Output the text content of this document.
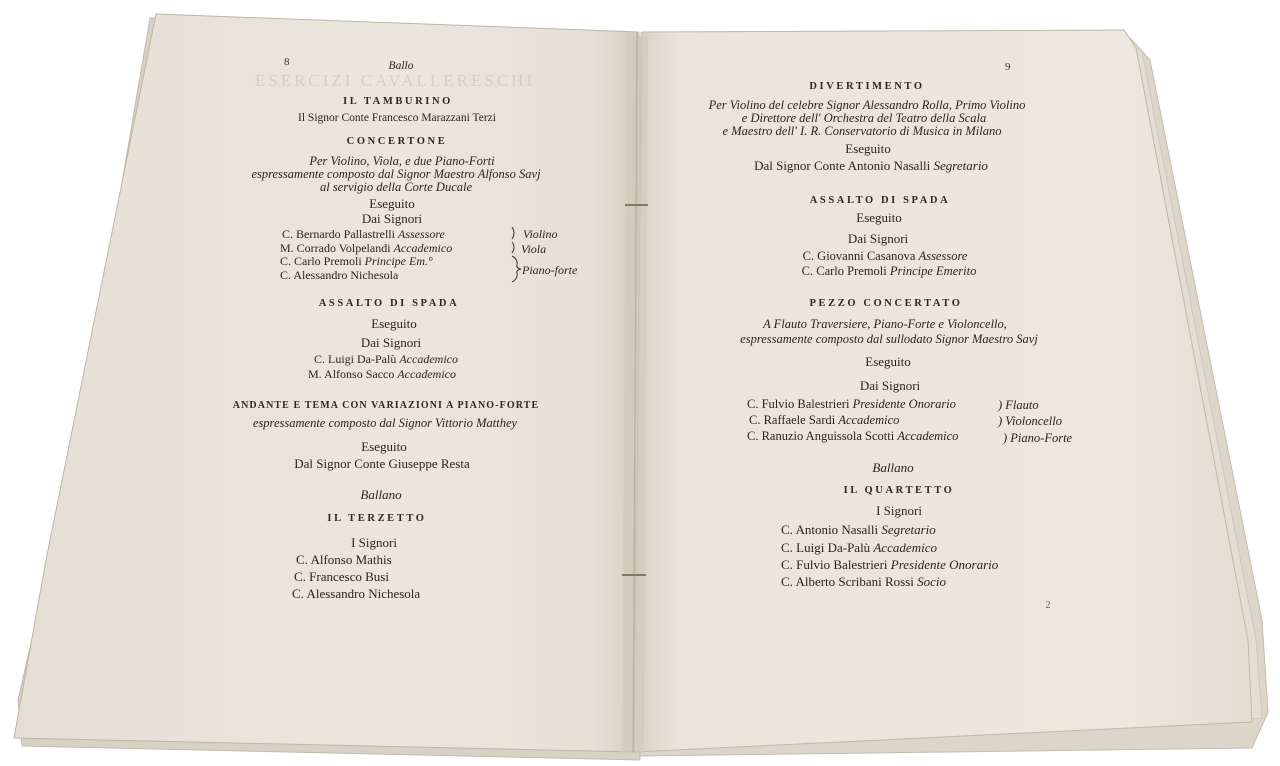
ESERCIZI CAVALLERESCHI
8	Ballo
IL TAMBURINO
Il Signor Conte Francesco Marazzani Terzi
CONCERTONE
Per Violino, Viola, e due Piano-Forti
espressamente composto dal Signor Maestro Alfonso Savj
al servigio della Corte Ducale
Eseguito
Dai Signori
C. Bernardo Pallastrelli Assessore
M. Corrado Volpelandi Accademico
C. Carlo Premoli Principe Em.°
C. Alessandro Nichesola
Violino
Viola
Piano-forte
ASSALTO DI SPADA
Eseguito
Dai Signori
C. Luigi Da-Palù Accademico
M. Alfonso Sacco Accademico
ANDANTE E TEMA CON VARIAZIONI A PIANO-FORTE
espressamente composto dal Signor Vittorio Matthey
Eseguito
Dal Signor Conte Giuseppe Resta
Ballano
IL TERZETTO
I Signori
C. Alfonso Mathis
C. Francesco Busi
C. Alessandro Nichesola
9
DIVERTIMENTO
Per Violino del celebre Signor Alessandro Rolla, Primo Violino
e Direttore dell' Orchestra del Teatro della Scala
e Maestro dell' I. R. Conservatorio di Musica in Milano
Eseguito
Dal Signor Conte Antonio Nasalli Segretario
ASSALTO DI SPADA
Eseguito
Dai Signori
C. Giovanni Casanova Assessore
C. Carlo Premoli Principe Emerito
PEZZO CONCERTATO
A Flauto Traversiere, Piano-Forte e Violoncello,
espressamente composto dal sullodato Signor Maestro Savj
Eseguito
Dai Signori
C. Fulvio Balestrieri Presidente Onorario
C. Raffaele Sardi Accademico
C. Ranuzio Anguissola Scotti Accademico
) Flauto
) Violoncello
) Piano-Forte
Ballano
IL QUARTETTO
I Signori
C. Antonio Nasalli Segretario
C. Luigi Da-Palù Accademico
C. Fulvio Balestrieri Presidente Onorario
C. Alberto Scribani Rossi Socio
2
